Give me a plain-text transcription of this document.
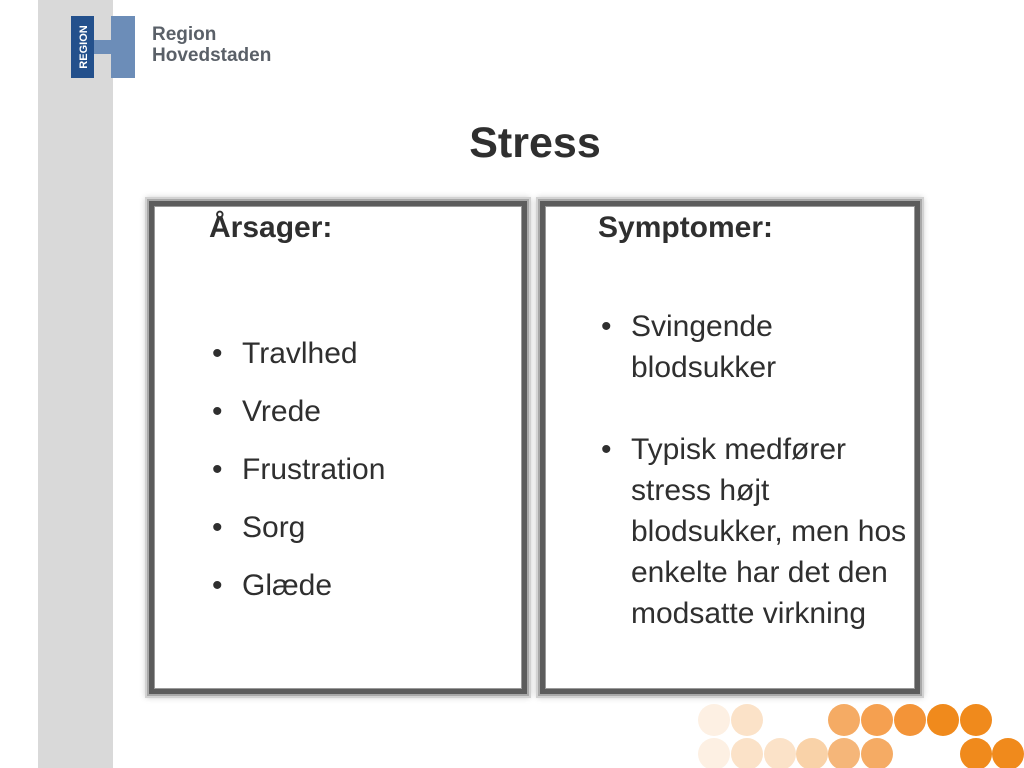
REGION	Region
Hovedstaden
Stress
Årsager:
• Travlhed
• Vrede
• Frustration
• Sorg
• Glæde
Symptomer:
• Svingende blodsukker
• Typisk medfører stress højt blodsukker, men hos enkelte har det den modsatte virkning
